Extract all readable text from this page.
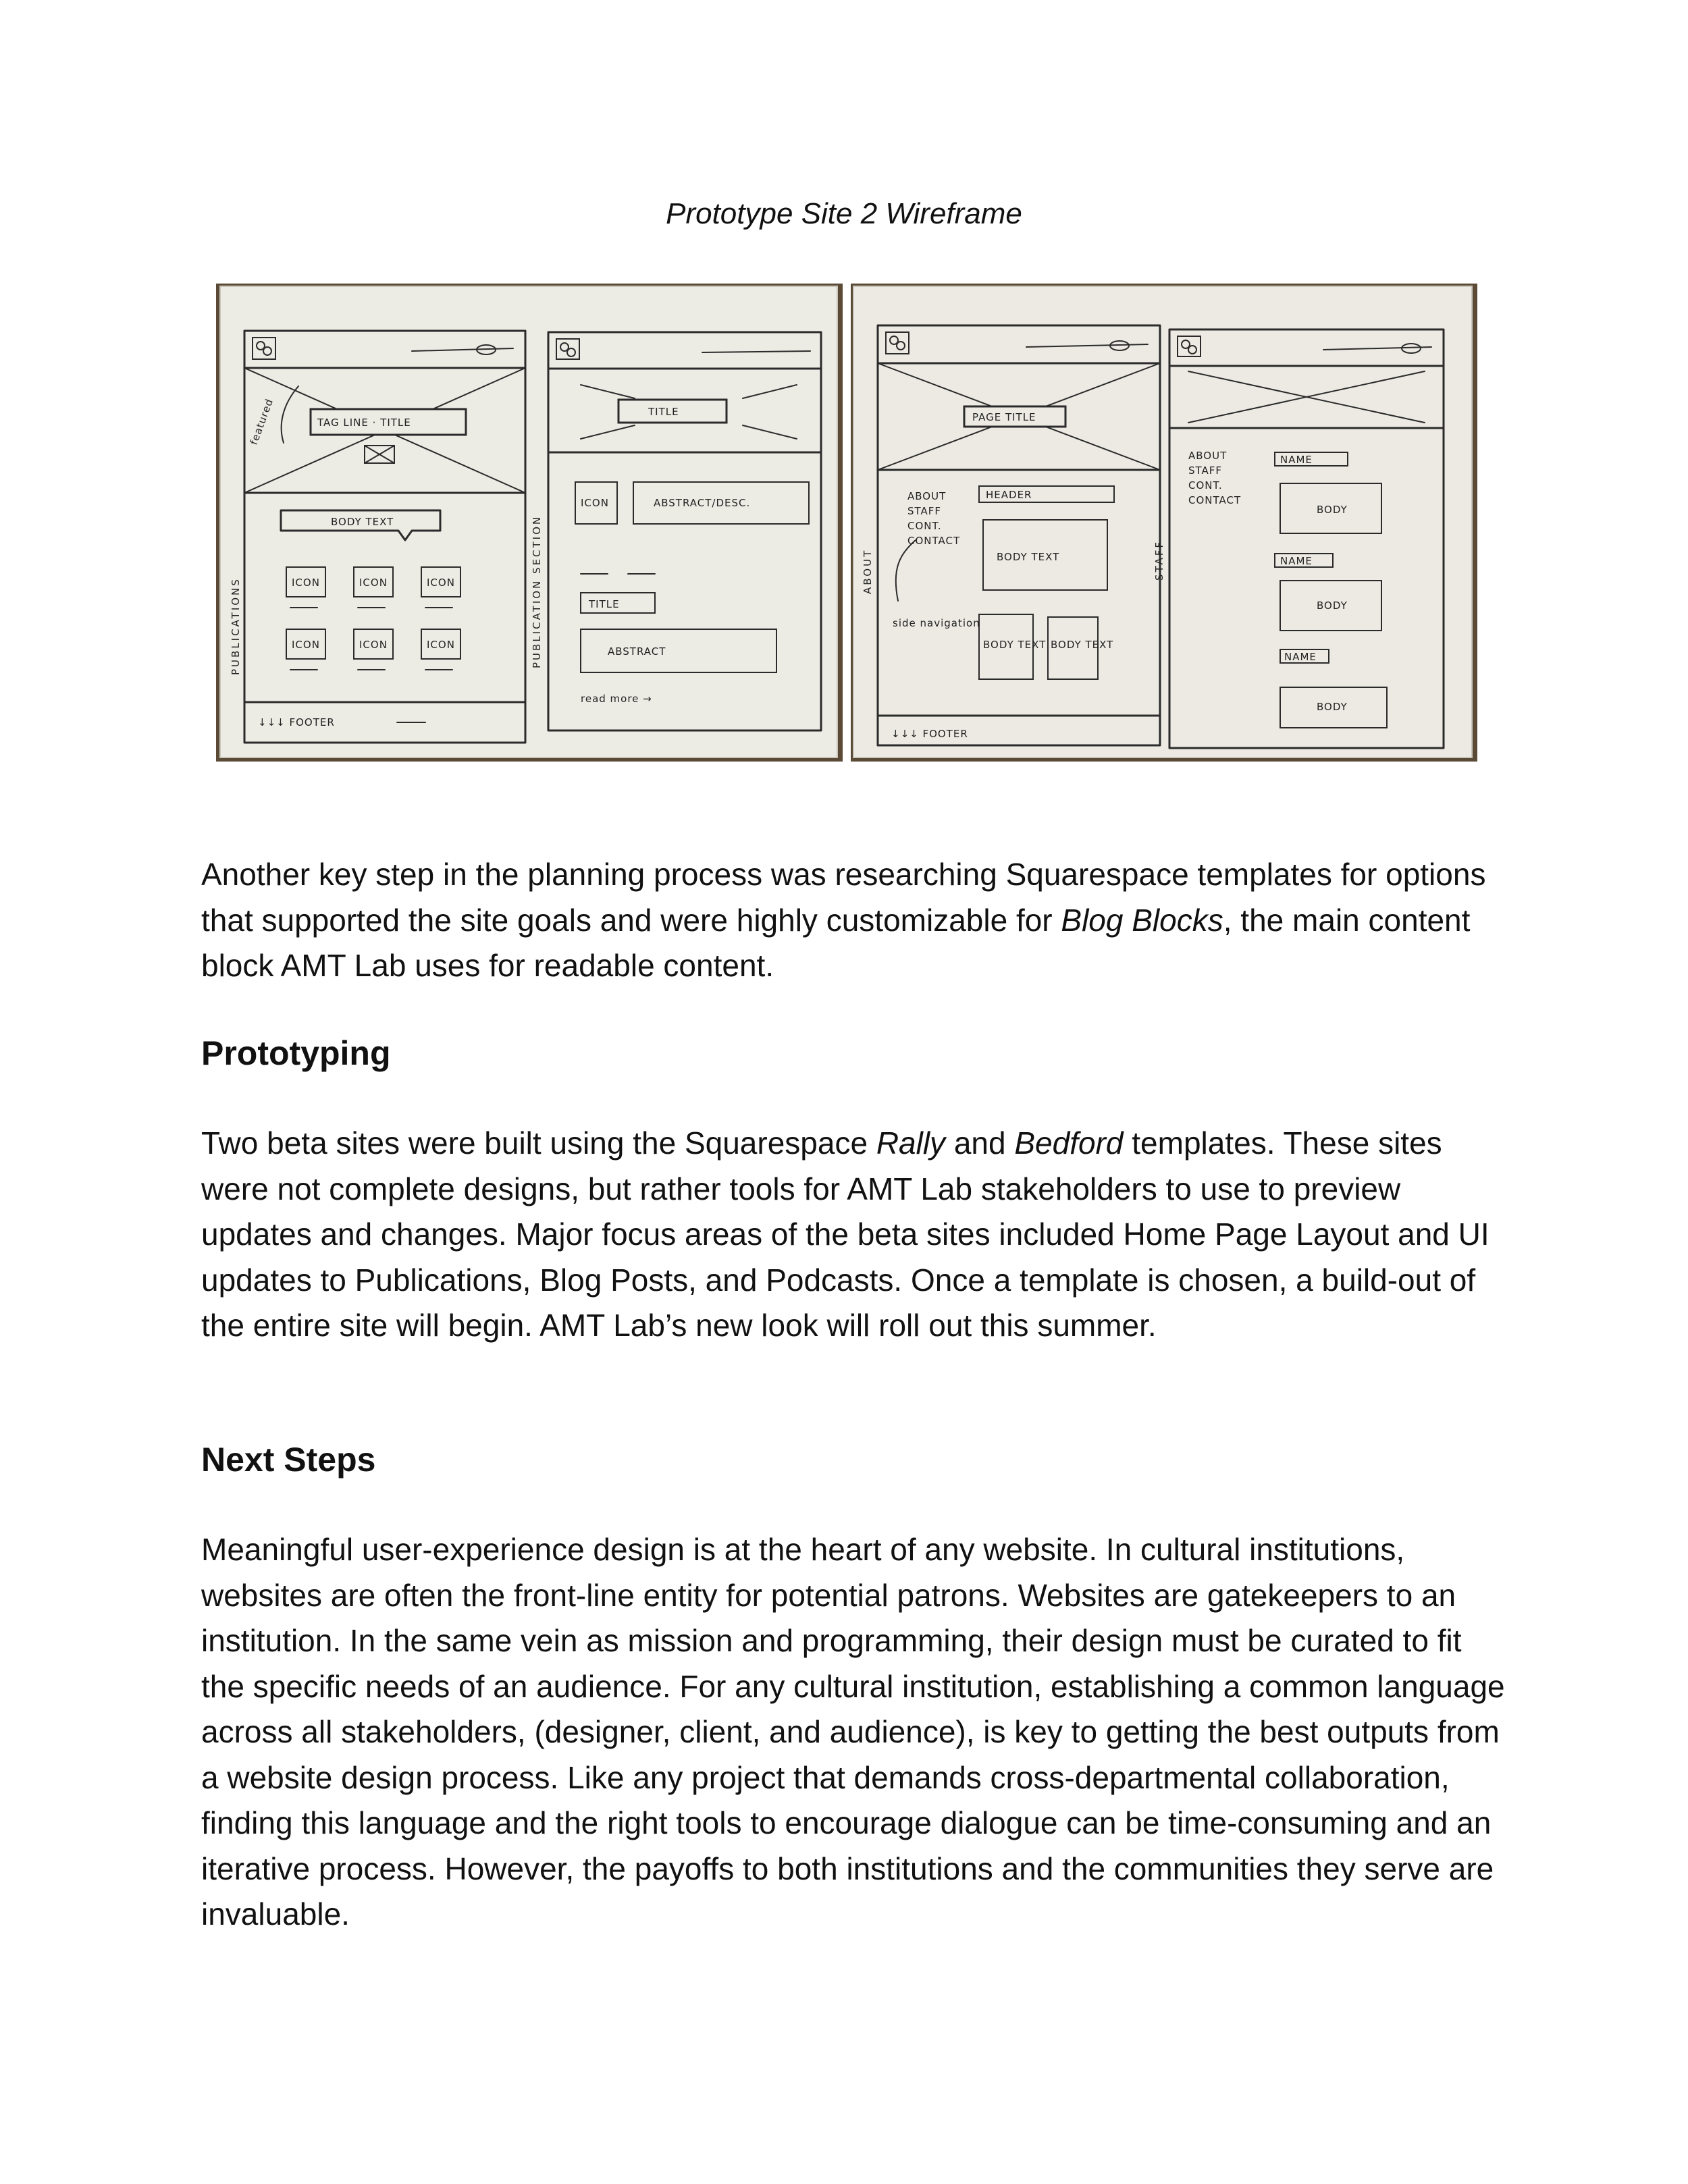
Prototype Site 2 Wireframe
TAG LINE · TITLE
featured
BODY TEXT
ICON	ICON	ICON
ICON	ICON	ICON
↓↓↓ FOOTER
PUBLICATIONS
TITLE
ICON	ABSTRACT/DESC.
TITLE
ABSTRACT
read more →
PUBLICATION SECTION
PAGE TITLE
ABOUT
STAFF
CONT.
CONTACT
HEADER
BODY TEXT
BODY TEXT BODY TEXT
side navigation
↓↓↓ FOOTER
ABOUT
ABOUT
STAFF
CONT.
CONTACT
NAME
BODY
NAME
BODY
NAME
BODY
STAFF

Another key step in the planning process was researching Squarespace templates for options that supported the site goals and were highly customizable for Blog Blocks, the main content block AMT Lab uses for readable content.

Prototyping

Two beta sites were built using the Squarespace Rally and Bedford templates. These sites were not complete designs, but rather tools for AMT Lab stakeholders to use to preview updates and changes. Major focus areas of the beta sites included Home Page Layout and UI updates to Publications, Blog Posts, and Podcasts. Once a template is chosen, a build-out of the entire site will begin. AMT Lab’s new look will roll out this summer.

Next Steps

Meaningful user-experience design is at the heart of any website. In cultural institutions, websites are often the front-line entity for potential patrons. Websites are gatekeepers to an institution. In the same vein as mission and programming, their design must be curated to fit the specific needs of an audience. For any cultural institution, establishing a common language across all stakeholders, (designer, client, and audience), is key to getting the best outputs from a website design process. Like any project that demands cross-departmental collaboration, finding this language and the right tools to encourage dialogue can be time-consuming and an iterative process. However, the payoffs to both institutions and the communities they serve are invaluable.
